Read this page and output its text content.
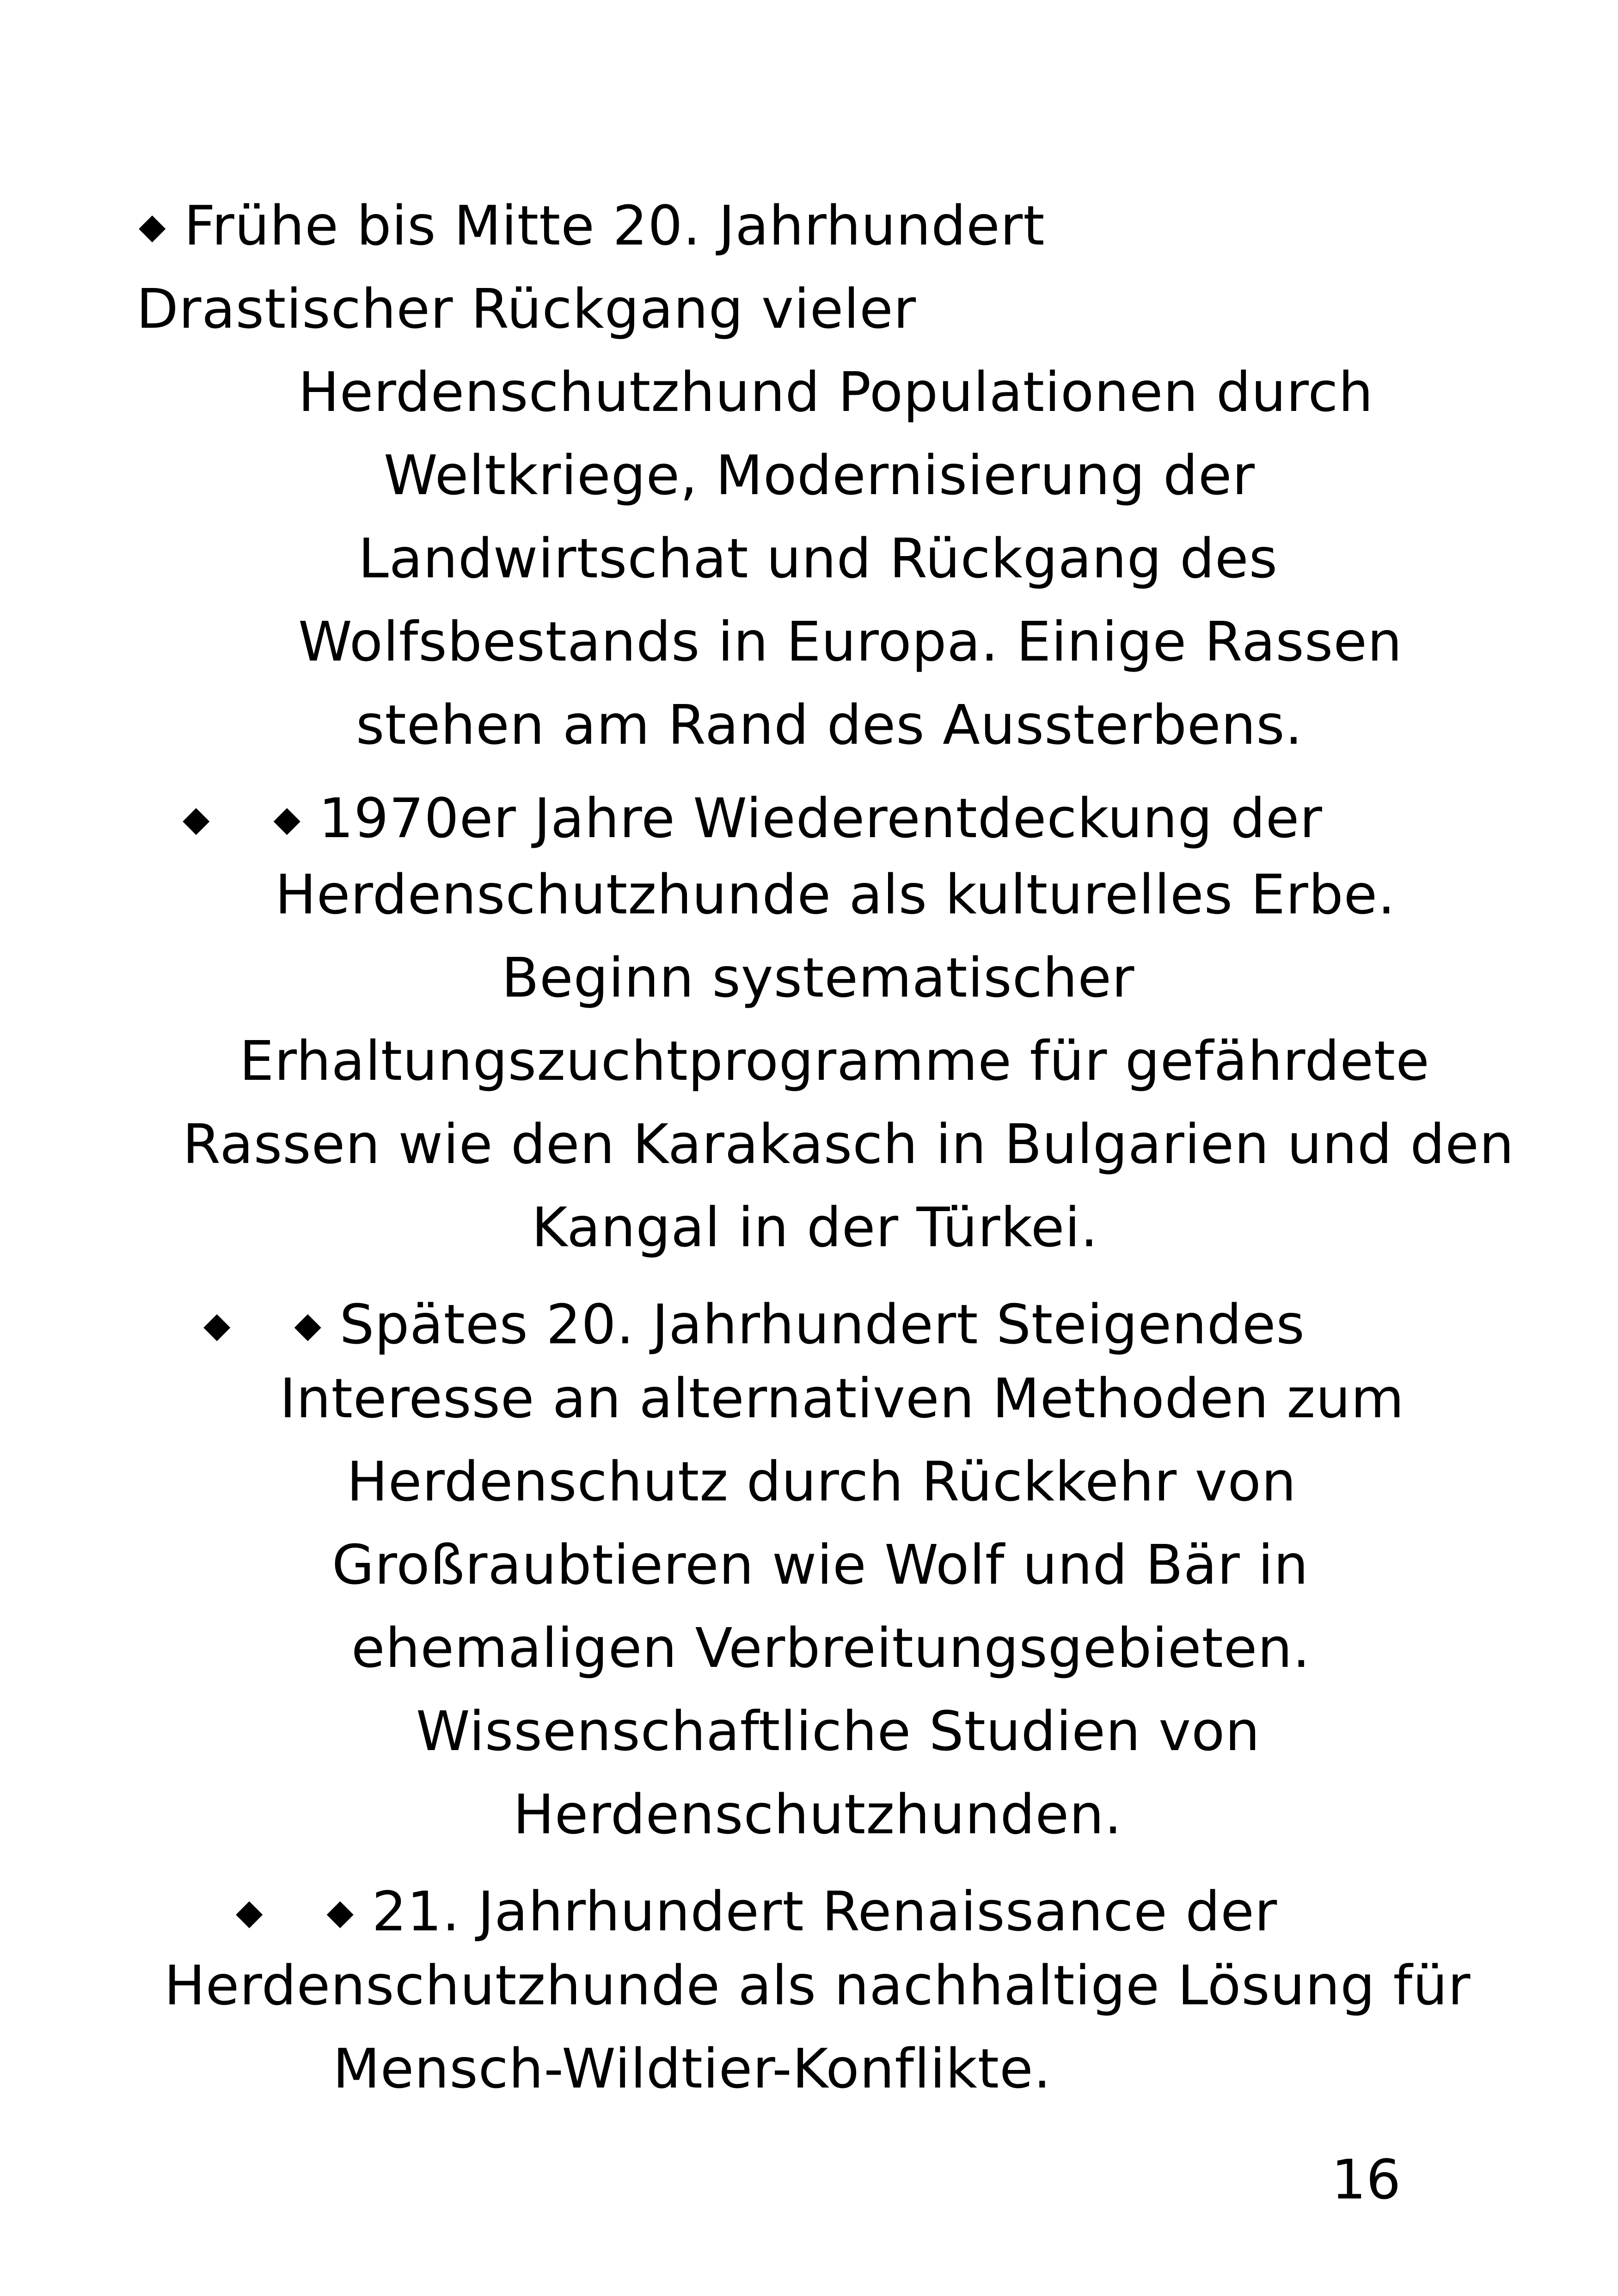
◆ Frühe bis Mitte 20. Jahrhundert
Drastischer Rückgang vieler
Herdenschutzhund Populationen durch
Weltkriege, Modernisierung der
Landwirtschat und Rückgang des
Wolfsbestands in Europa. Einige Rassen
stehen am Rand des Aussterbens.
◆ ◆ 1970er Jahre Wiederentdeckung der
Herdenschutzhunde als kulturelles Erbe.
Beginn systematischer
Erhaltungszuchtprogramme für gefährdete
Rassen wie den Karakasch in Bulgarien und den
Kangal in der Türkei.
◆ ◆ Spätes 20. Jahrhundert Steigendes
Interesse an alternativen Methoden zum
Herdenschutz durch Rückkehr von
Großraubtieren wie Wolf und Bär in
ehemaligen Verbreitungsgebieten.
Wissenschaftliche Studien von
Herdenschutzhunden.
◆ ◆ 21. Jahrhundert Renaissance der
Herdenschutzhunde als nachhaltige Lösung für
Mensch-Wildtier-Konflikte.
16
